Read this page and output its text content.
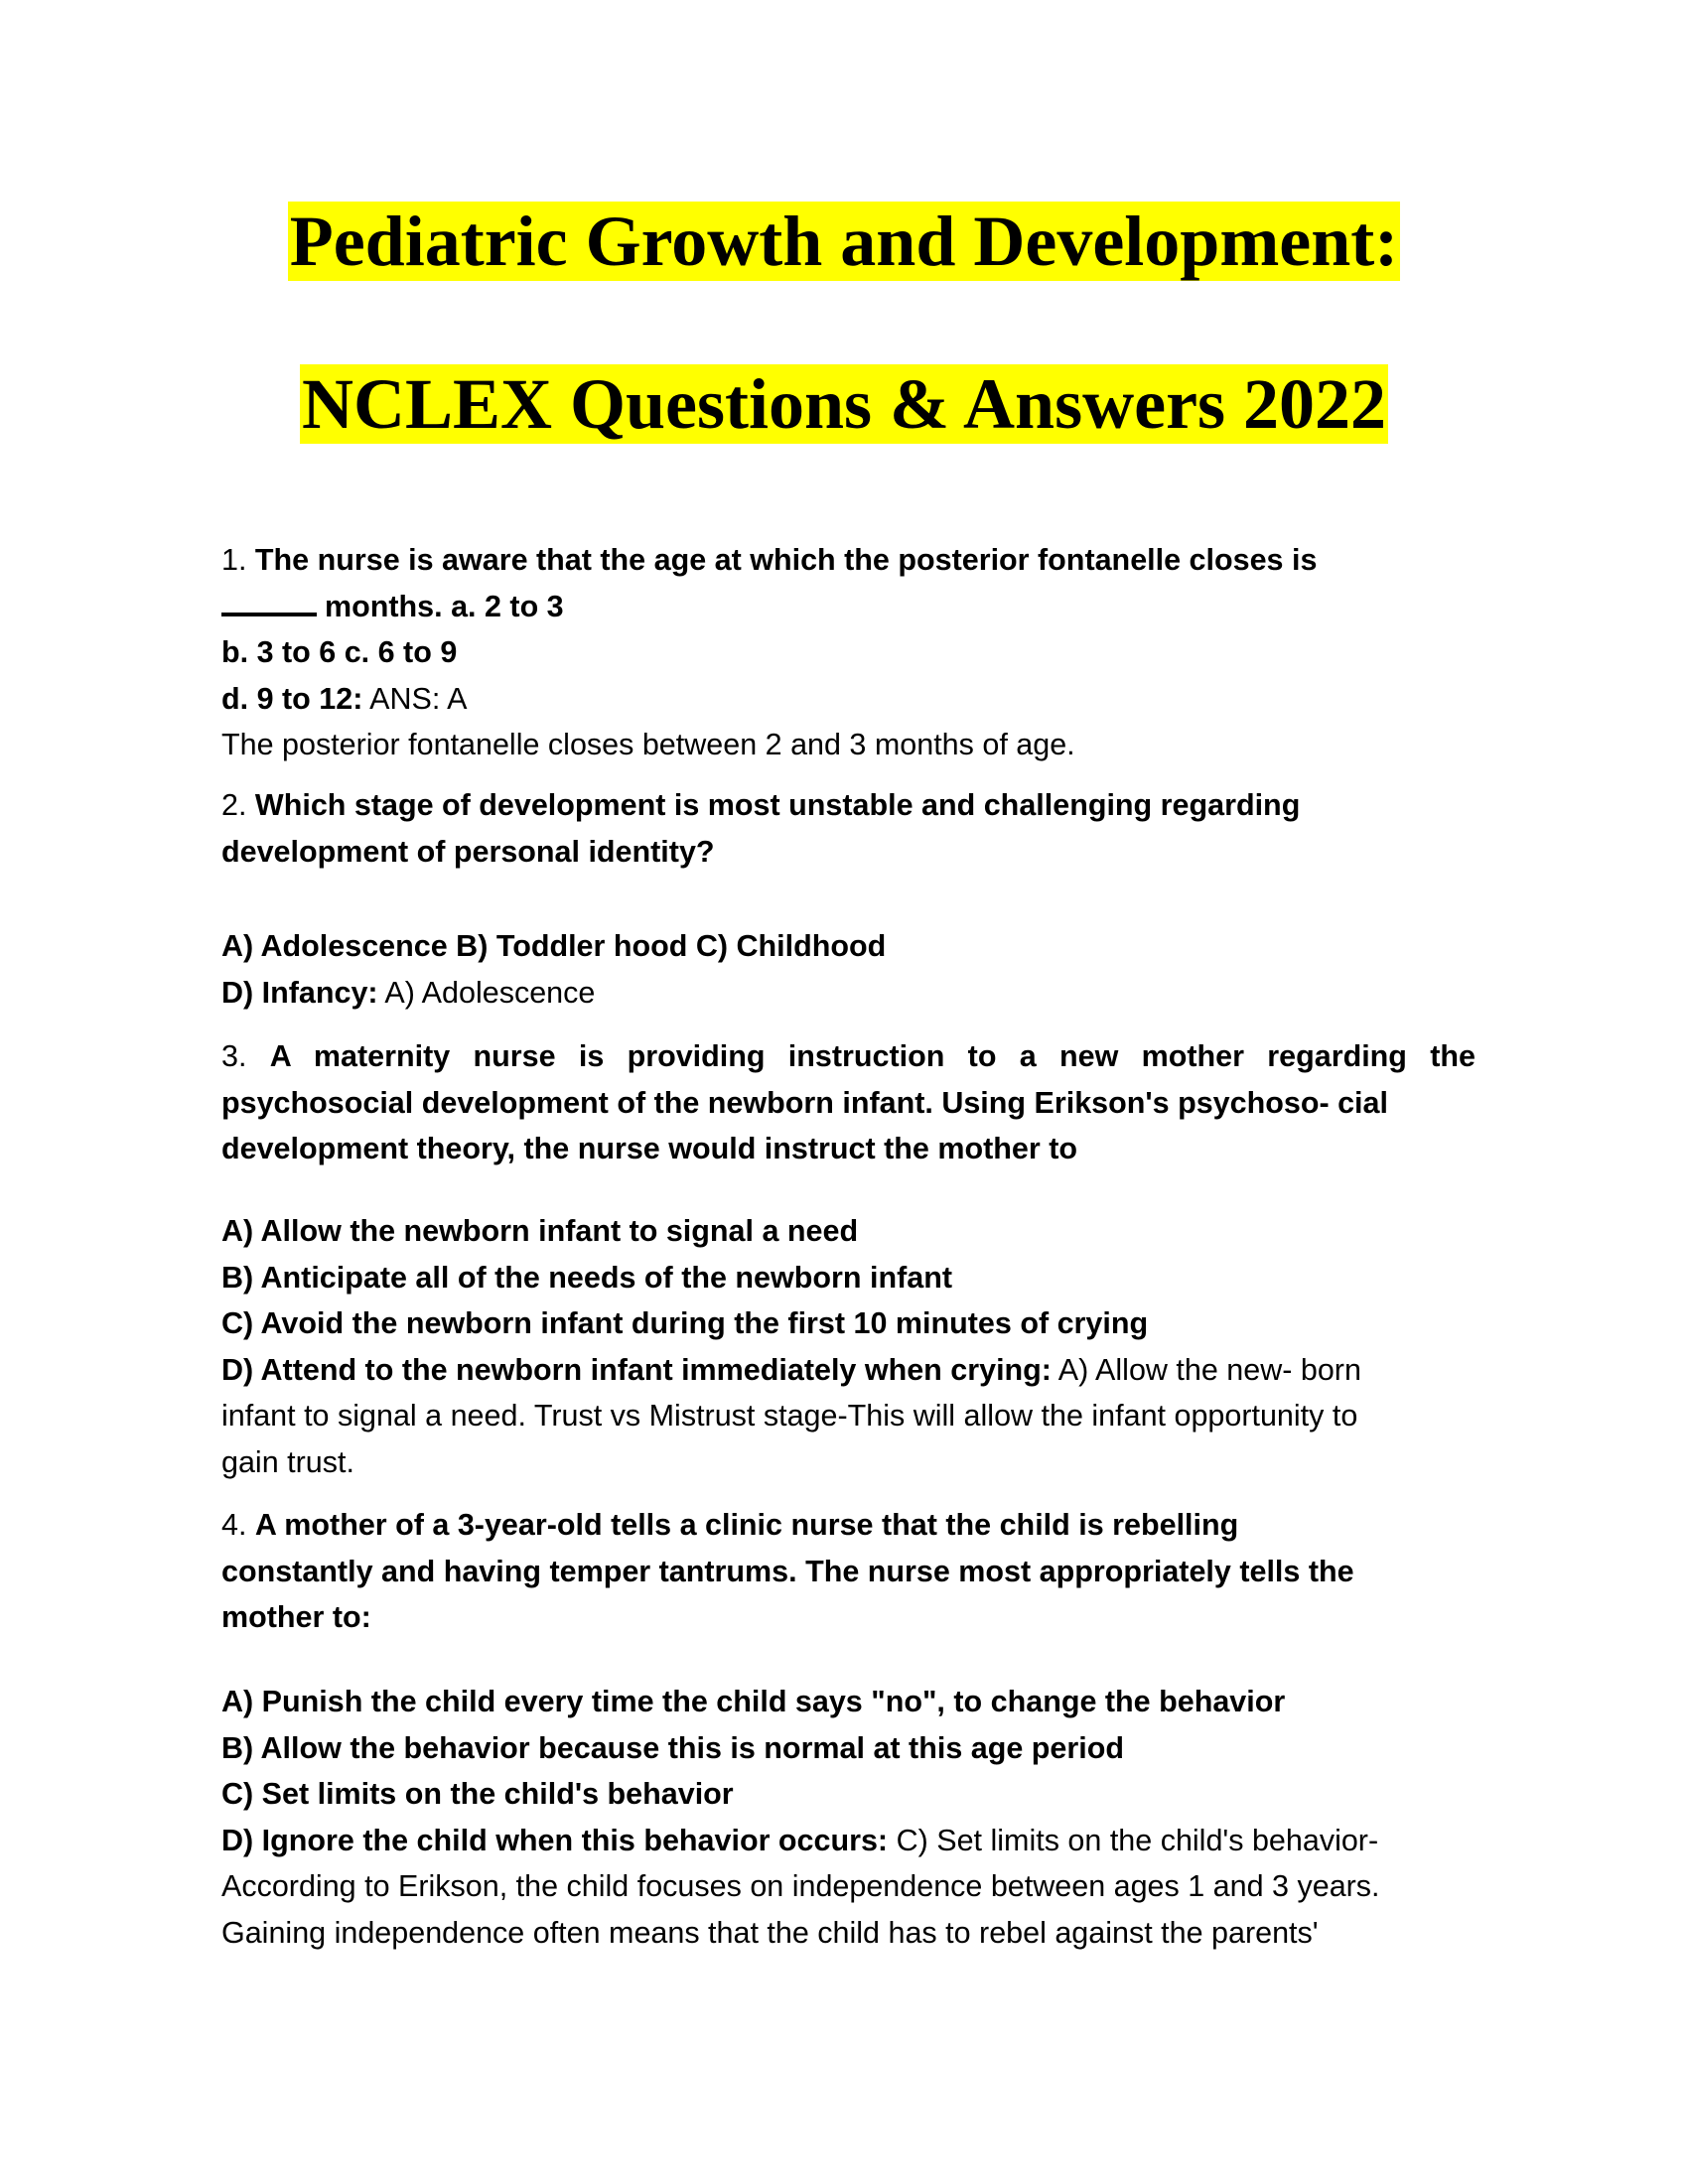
Pediatric Growth and Development:
NCLEX Questions & Answers 2022
1. The nurse is aware that the age at which the posterior fontanelle closes is
months. a. 2 to 3
b. 3 to 6 c. 6 to 9
d. 9 to 12: ANS: A
The posterior fontanelle closes between 2 and 3 months of age.
2. Which stage of development is most unstable and challenging regarding
development of personal identity?
A) Adolescence B) Toddler hood C) Childhood
D) Infancy: A) Adolescence
3. A maternity nurse is providing instruction to a new mother regarding the
psychosocial development of the newborn infant. Using Erikson's psychoso- cial
development theory, the nurse would instruct the mother to
A) Allow the newborn infant to signal a need
B) Anticipate all of the needs of the newborn infant
C) Avoid the newborn infant during the first 10 minutes of crying
D) Attend to the newborn infant immediately when crying: A) Allow the new- born
infant to signal a need. Trust vs Mistrust stage-This will allow the infant opportunity to
gain trust.
4. A mother of a 3-year-old tells a clinic nurse that the child is rebelling
constantly and having temper tantrums. The nurse most appropriately tells the
mother to:
A) Punish the child every time the child says "no", to change the behavior
B) Allow the behavior because this is normal at this age period
C) Set limits on the child's behavior
D) Ignore the child when this behavior occurs: C) Set limits on the child's behavior-
According to Erikson, the child focuses on independence between ages 1 and 3 years.
Gaining independence often means that the child has to rebel against the parents'
